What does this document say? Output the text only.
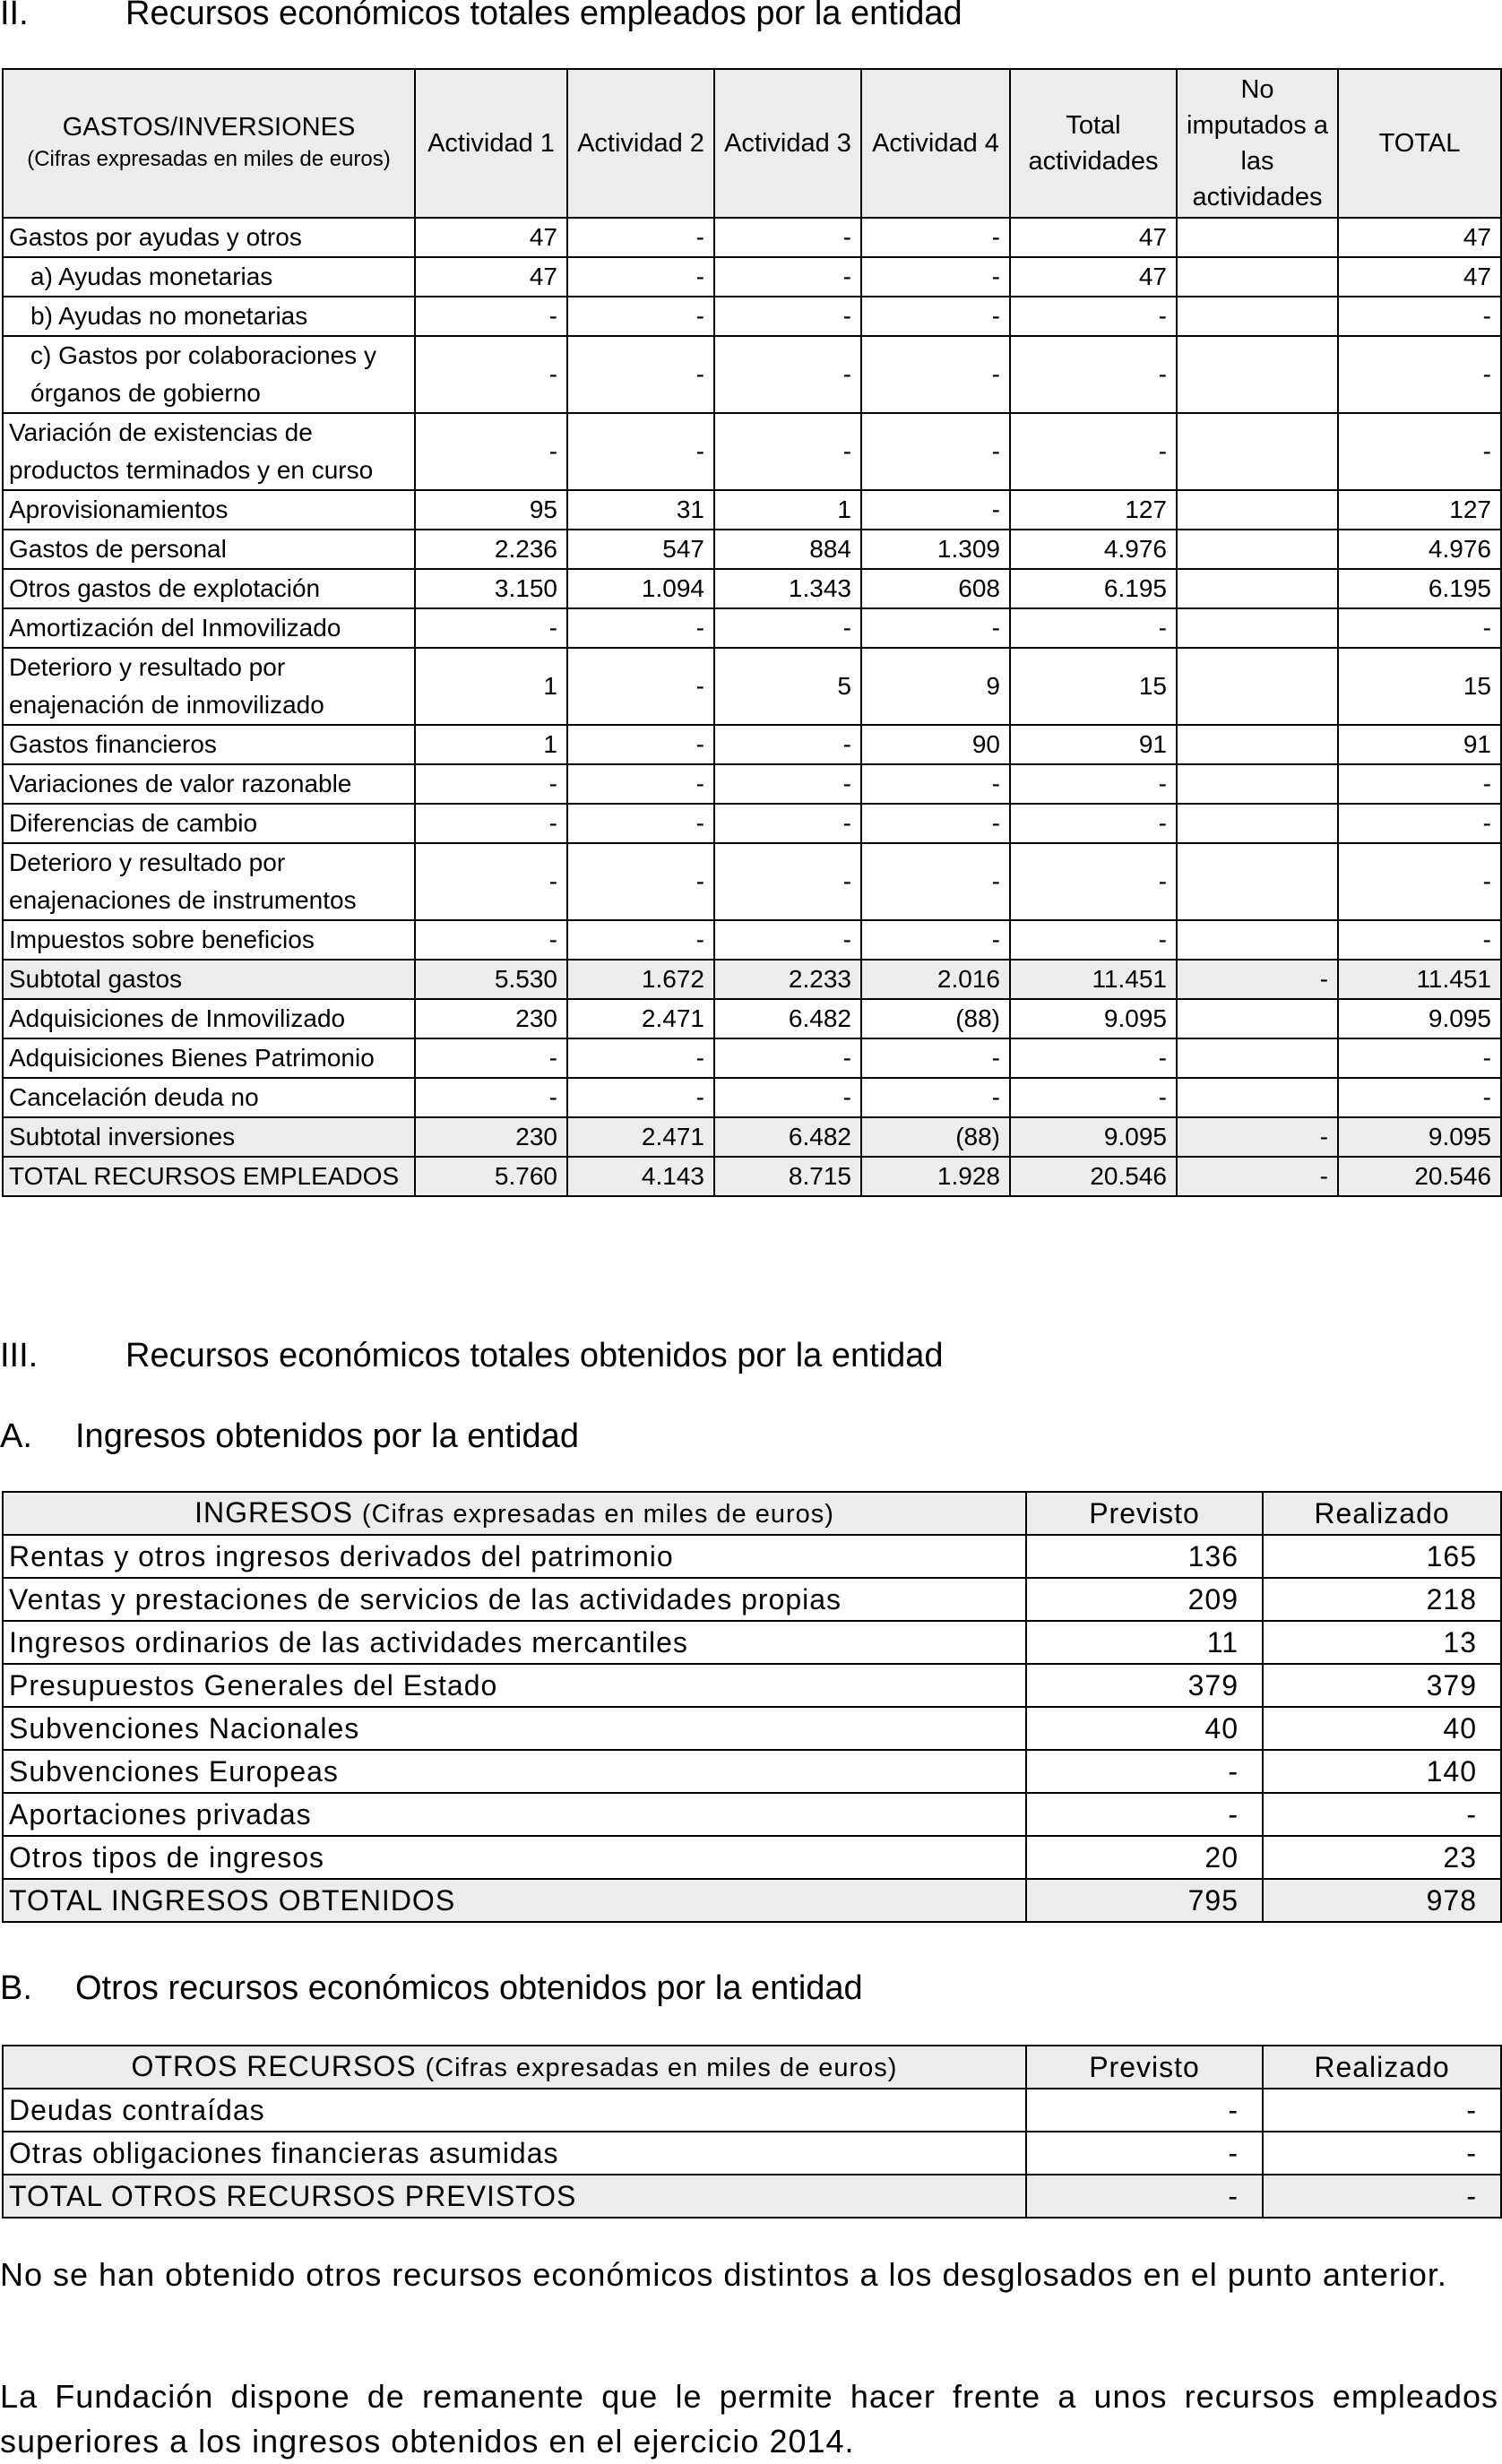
II.	Recursos económicos totales empleados por la entidad
GASTOS/INVERSIONES
(Cifras expresadas en miles de euros)	Actividad 1	Actividad 2	Actividad 3	Actividad 4	Total actividades	No imputados a las actividades	TOTAL
Gastos por ayudas y otros	47	-	-	-	47		47
a) Ayudas monetarias	47	-	-	-	47		47
b) Ayudas no monetarias	-	-	-	-	-		-
c) Gastos por colaboraciones y órganos de gobierno	-	-	-	-	-		-
Variación de existencias de productos terminados y en curso	-	-	-	-	-		-
Aprovisionamientos	95	31	1	-	127		127
Gastos de personal	2.236	547	884	1.309	4.976		4.976
Otros gastos de explotación	3.150	1.094	1.343	608	6.195		6.195
Amortización del Inmovilizado	-	-	-	-	-		-
Deterioro y resultado por enajenación de inmovilizado	1	-	5	9	15		15
Gastos financieros	1	-	-	90	91		91
Variaciones de valor razonable	-	-	-	-	-		-
Diferencias de cambio	-	-	-	-	-		-
Deterioro y resultado por enajenaciones de instrumentos	-	-	-	-	-		-
Impuestos sobre beneficios	-	-	-	-	-		-
Subtotal gastos	5.530	1.672	2.233	2.016	11.451	-	11.451
Adquisiciones de Inmovilizado	230	2.471	6.482	(88)	9.095		9.095
Adquisiciones Bienes Patrimonio	-	-	-	-	-		-
Cancelación deuda no	-	-	-	-	-		-
Subtotal inversiones	230	2.471	6.482	(88)	9.095	-	9.095
TOTAL RECURSOS EMPLEADOS	5.760	4.143	8.715	1.928	20.546	-	20.546
III.	Recursos económicos totales obtenidos por la entidad
A. Ingresos obtenidos por la entidad
INGRESOS (Cifras expresadas en miles de euros)	Previsto	Realizado
Rentas y otros ingresos derivados del patrimonio	136	165
Ventas y prestaciones de servicios de las actividades propias	209	218
Ingresos ordinarios de las actividades mercantiles	11	13
Presupuestos Generales del Estado	379	379
Subvenciones Nacionales	40	40
Subvenciones Europeas	-	140
Aportaciones privadas	-	-
Otros tipos de ingresos	20	23
TOTAL INGRESOS OBTENIDOS	795	978
B. Otros recursos económicos obtenidos por la entidad
OTROS RECURSOS (Cifras expresadas en miles de euros)	Previsto	Realizado
Deudas contraídas	-	-
Otras obligaciones financieras asumidas	-	-
TOTAL OTROS RECURSOS PREVISTOS	-	-
No se han obtenido otros recursos económicos distintos a los desglosados en el punto anterior.
La Fundación dispone de remanente que le permite hacer frente a unos recursos empleados superiores a los ingresos obtenidos en el ejercicio 2014.
